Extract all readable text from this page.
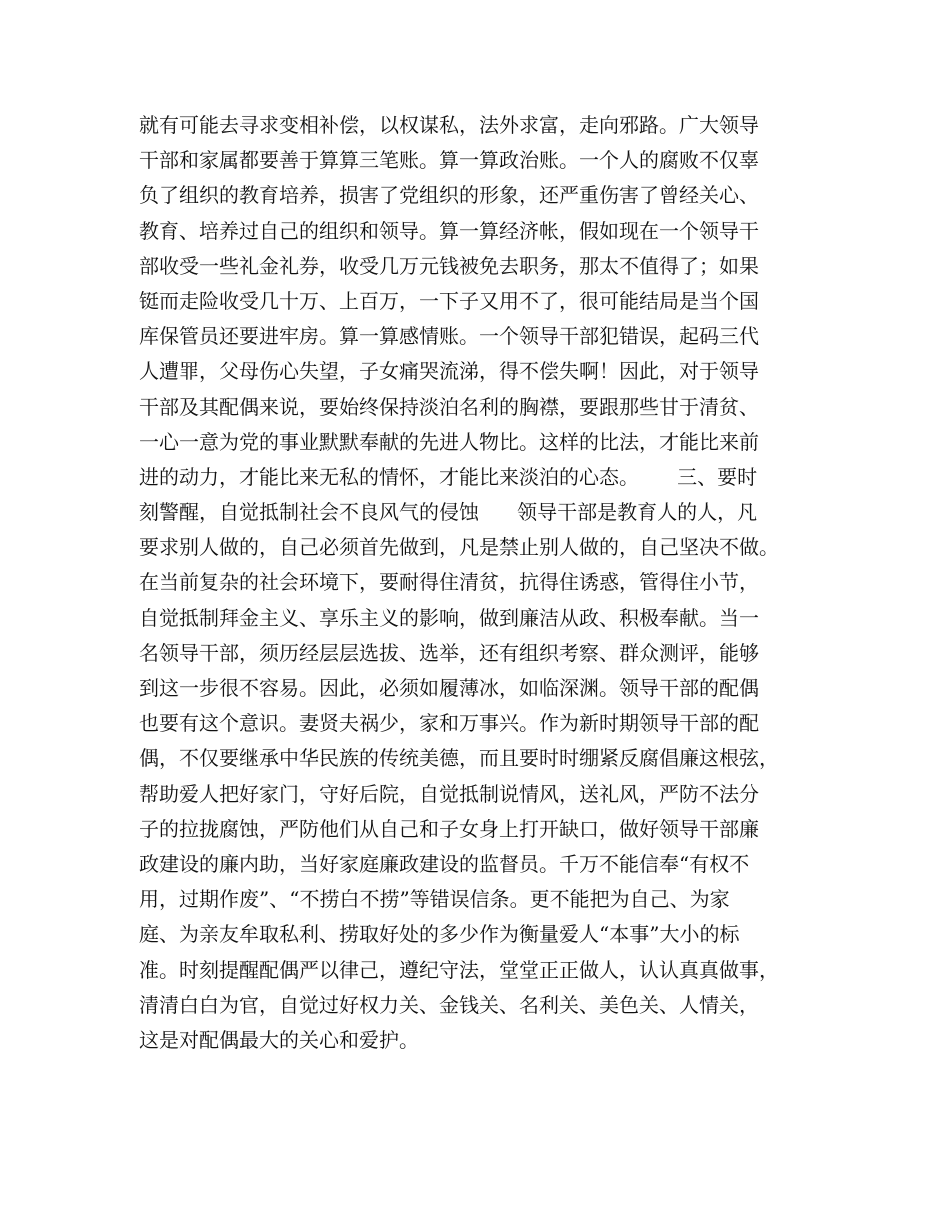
就有可能去寻求变相补偿，以权谋私，法外求富，走向邪路。广大领导
干部和家属都要善于算算三笔账。算一算政治账。一个人的腐败不仅辜
负了组织的教育培养，损害了党组织的形象，还严重伤害了曾经关心、
教育、培养过自己的组织和领导。算一算经济帐，假如现在一个领导干
部收受一些礼金礼券，收受几万元钱被免去职务，那太不值得了；如果
铤而走险收受几十万、上百万，一下子又用不了，很可能结局是当个国
库保管员还要进牢房。算一算感情账。一个领导干部犯错误，起码三代
人遭罪，父母伤心失望，子女痛哭流涕，得不偿失啊！因此，对于领导
干部及其配偶来说，要始终保持淡泊名利的胸襟，要跟那些甘于清贫、
一心一意为党的事业默默奉献的先进人物比。这样的比法，才能比来前
进的动力，才能比来无私的情怀，才能比来淡泊的心态。      三、要时
刻警醒，自觉抵制社会不良风气的侵蚀      领导干部是教育人的人，凡
要求别人做的，自己必须首先做到，凡是禁止别人做的，自己坚决不做。
在当前复杂的社会环境下，要耐得住清贫，抗得住诱惑，管得住小节，
自觉抵制拜金主义、享乐主义的影响，做到廉洁从政、积极奉献。当一
名领导干部，须历经层层选拔、选举，还有组织考察、群众测评，能够
到这一步很不容易。因此，必须如履薄冰，如临深渊。领导干部的配偶
也要有这个意识。妻贤夫祸少，家和万事兴。作为新时期领导干部的配
偶，不仅要继承中华民族的传统美德，而且要时时绷紧反腐倡廉这根弦，
帮助爱人把好家门，守好后院，自觉抵制说情风，送礼风，严防不法分
子的拉拢腐蚀，严防他们从自己和子女身上打开缺口，做好领导干部廉
政建设的廉内助，当好家庭廉政建设的监督员。千万不能信奉“有权不
用，过期作废”、“不捞白不捞”等错误信条。更不能把为自己、为家
庭、为亲友牟取私利、捞取好处的多少作为衡量爱人“本事”大小的标
准。时刻提醒配偶严以律己，遵纪守法，堂堂正正做人，认认真真做事，
清清白白为官，自觉过好权力关、金钱关、名利关、美色关、人情关，
这是对配偶最大的关心和爱护。
